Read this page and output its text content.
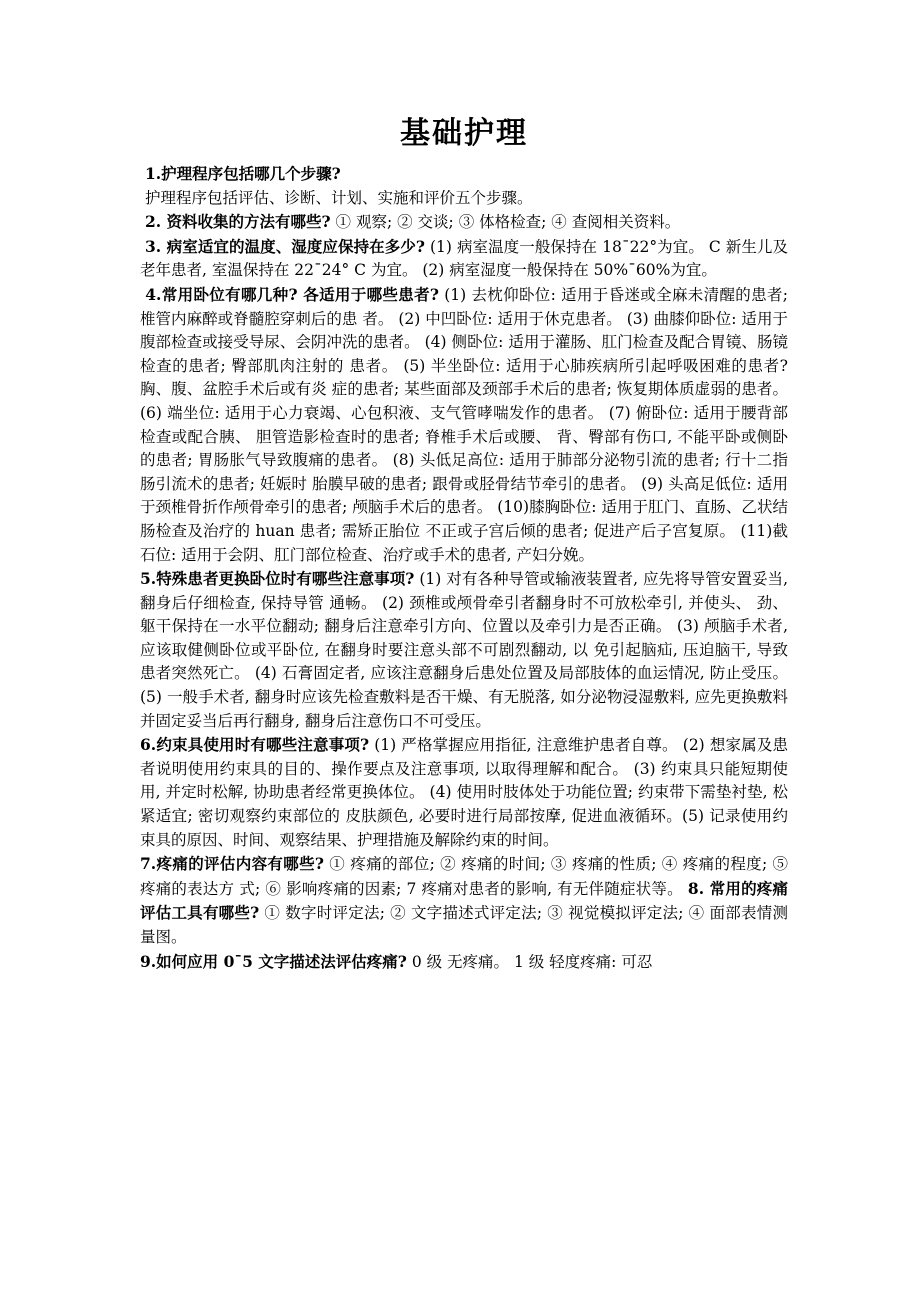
基础护理

1.护理程序包括哪几个步骤?

护理程序包括评估、诊断、计划、实施和评价五个步骤。

2. 资料收集的方法有哪些? ① 观察; ② 交谈; ③ 体格检查; ④ 查阅相关资料。

3. 病室适宜的温度、湿度应保持在多少? (1) 病室温度一般保持在 18¯22°为宜。 C 新生儿及老年患者, 室温保持在 22¯24° C 为宜。 (2) 病室湿度一般保持在 50%¯60%为宜。

4.常用卧位有哪几种? 各适用于哪些患者? (1) 去枕仰卧位: 适用于昏迷或全麻未清醒的患者; 椎管内麻醉或脊髓腔穿刺后的患 者。 (2) 中凹卧位: 适用于休克患者。 (3) 曲膝仰卧位: 适用于腹部检查或接受导尿、会阴冲洗的患者。 (4) 侧卧位: 适用于灌肠、肛门检查及配合胃镜、肠镜检查的患者; 臀部肌肉注射的 患者。 (5) 半坐卧位: 适用于心肺疾病所引起呼吸困难的患者?胸、腹、盆腔手术后或有炎 症的患者; 某些面部及颈部手术后的患者; 恢复期体质虚弱的患者。 (6) 端坐位: 适用于心力衰竭、心包积液、支气管哮喘发作的患者。 (7) 俯卧位: 适用于腰背部检查或配合胰、 胆管造影检查时的患者; 脊椎手术后或腰、 背、臀部有伤口, 不能平卧或侧卧的患者; 胃肠胀气导致腹痛的患者。 (8) 头低足高位: 适用于肺部分泌物引流的患者; 行十二指肠引流术的患者; 妊娠时 胎膜早破的患者; 跟骨或胫骨结节牵引的患者。 (9) 头高足低位: 适用于颈椎骨折作颅骨牵引的患者; 颅脑手术后的患者。 (10)膝胸卧位: 适用于肛门、直肠、乙状结肠检查及治疗的 huan 患者; 需矫正胎位 不正或子宫后倾的患者; 促进产后子宫复原。 (11)截石位: 适用于会阴、肛门部位检查、治疗或手术的患者, 产妇分娩。

5.特殊患者更换卧位时有哪些注意事项? (1) 对有各种导管或输液装置者, 应先将导管安置妥当, 翻身后仔细检查, 保持导管 通畅。 (2) 颈椎或颅骨牵引者翻身时不可放松牵引, 并使头、 劲、 躯干保持在一水平位翻动; 翻身后注意牵引方向、位置以及牵引力是否正确。 (3) 颅脑手术者, 应该取健侧卧位或平卧位, 在翻身时要注意头部不可剧烈翻动, 以 免引起脑疝, 压迫脑干, 导致患者突然死亡。 (4) 石膏固定者, 应该注意翻身后患处位置及局部肢体的血运情况, 防止受压。 (5) 一般手术者, 翻身时应该先检查敷料是否干燥、有无脱落, 如分泌物浸湿敷料, 应先更换敷料并固定妥当后再行翻身, 翻身后注意伤口不可受压。

6.约束具使用时有哪些注意事项? (1) 严格掌握应用指征, 注意维护患者自尊。 (2) 想家属及患者说明使用约束具的目的、操作要点及注意事项, 以取得理解和配合。 (3) 约束具只能短期使用, 并定时松解, 协助患者经常更换体位。 (4) 使用时肢体处于功能位置; 约束带下需垫衬垫, 松紧适宜; 密切观察约束部位的 皮肤颜色, 必要时进行局部按摩, 促进血液循环。(5) 记录使用约束具的原因、时间、观察结果、护理措施及解除约束的时间。

7.疼痛的评估内容有哪些? ① 疼痛的部位; ② 疼痛的时间; ③ 疼痛的性质; ④ 疼痛的程度; ⑤ 疼痛的表达方 式; ⑥ 影响疼痛的因素; 7 疼痛对患者的影响, 有无伴随症状等。 8. 常用的疼痛评估工具有哪些? ① 数字时评定法; ② 文字描述式评定法; ③ 视觉模拟评定法; ④ 面部表情测量图。

9.如何应用 0¯5 文字描述法评估疼痛? 0 级 无疼痛。 1 级 轻度疼痛: 可忍
